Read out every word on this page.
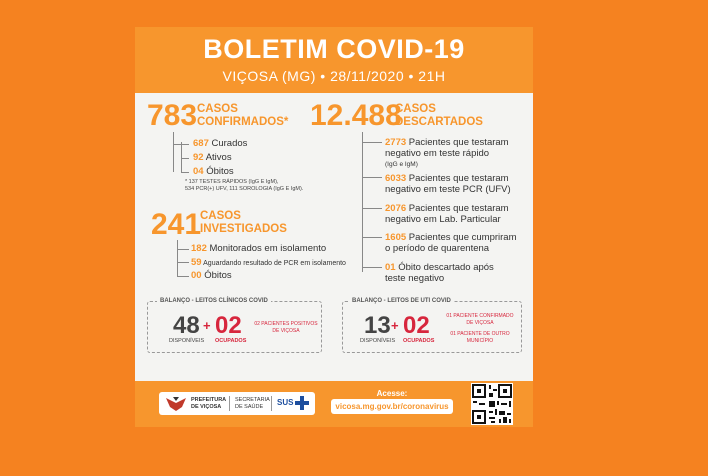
BOLETIM COVID-19
VIÇOSA (MG) • 28/11/2020 • 21H
783 CASOS
CONFIRMADOS*
687 Curados
92 Ativos
04 Óbitos
* 137 TESTES RÁPIDOS (IgG E IgM),
534 PCR(+) UFV, 111 SOROLOGIA (IgG E IgM).
241
CASOS
INVESTIGADOS
182 Monitorados em isolamento
59 Aguardando resultado de PCR em isolamento
00 Óbitos
12.488
CASOS
DESCARTADOS
2773 Pacientes que testaram
negativo em teste rápido
(IgG e IgM)
6033 Pacientes que testaram
negativo em teste PCR (UFV)
2076 Pacientes que testaram
negativo em Lab. Particular
1605 Pacientes que cumpriram
o período de quarentena
01 Óbito descartado após
teste negativo
BALANÇO - LEITOS CLÍNICOS COVID
48 + 02
DISPONÍVEIS OCUPADOS
02 PACIENTES POSITIVOS
DE VIÇOSA
BALANÇO - LEITOS DE UTI COVID
13 + 02
DISPONÍVEIS OCUPADOS
01 PACIENTE CONFIRMADO
DE VIÇOSA
01 PACIENTE DE OUTRO
MUNICÍPIO
PREFEITURA
DE VIÇOSA
SECRETARIA
DE SAÚDE	SUS
Acesse:
vicosa.mg.gov.br/coronavirus
